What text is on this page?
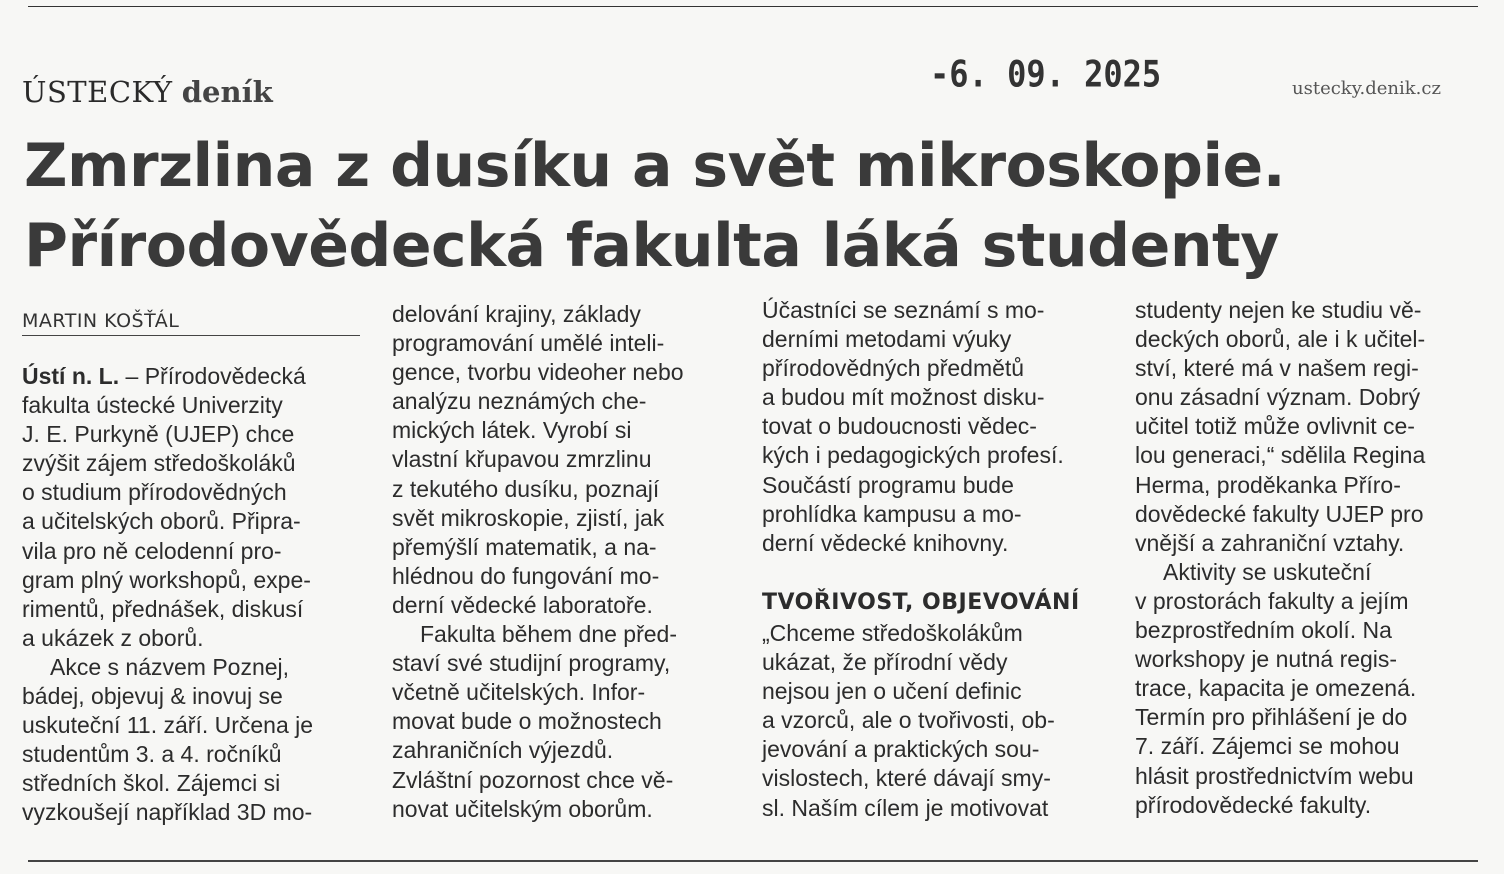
ÚSTECKÝ deník	-6. 09. 2025	ustecky.denik.cz
Zmrzlina z dusíku a svět mikroskopie.
Přírodovědecká fakulta láká studenty
MARTIN KOŠŤÁL
Ústí n. L. – Přírodovědecká
fakulta ústecké Univerzity
J. E. Purkyně (UJEP) chce
zvýšit zájem středoškoláků
o studium přírodovědných
a učitelských oborů. Připra-
vila pro ně celodenní pro-
gram plný workshopů, expe-
rimentů, přednášek, diskusí
a ukázek z oborů.
Akce s názvem Poznej,
bádej, objevuj & inovuj se
uskuteční 11. září. Určena je
studentům 3. a 4. ročníků
středních škol. Zájemci si
vyzkoušejí například 3D mo-
delování krajiny, základy
programování umělé inteli-
gence, tvorbu videoher nebo
analýzu neznámých che-
mických látek. Vyrobí si
vlastní křupavou zmrzlinu
z tekutého dusíku, poznají
svět mikroskopie, zjistí, jak
přemýšlí matematik, a na-
hlédnou do fungování mo-
derní vědecké laboratoře.
Fakulta během dne před-
staví své studijní programy,
včetně učitelských. Infor-
movat bude o možnostech
zahraničních výjezdů.
Zvláštní pozornost chce vě-
novat učitelským oborům.
Účastníci se seznámí s mo-
derními metodami výuky
přírodovědných předmětů
a budou mít možnost disku-
tovat o budoucnosti vědec-
kých i pedagogických profesí.
Součástí programu bude
prohlídka kampusu a mo-
derní vědecké knihovny.
TVOŘIVOST, OBJEVOVÁNÍ
„Chceme středoškolákům
ukázat, že přírodní vědy
nejsou jen o učení definic
a vzorců, ale o tvořivosti, ob-
jevování a praktických sou-
vislostech, které dávají smy-
sl. Naším cílem je motivovat
studenty nejen ke studiu vě-
deckých oborů, ale i k učitel-
ství, které má v našem regi-
onu zásadní význam. Dobrý
učitel totiž může ovlivnit ce-
lou generaci,“ sdělila Regina
Herma, proděkanka Příro-
dovědecké fakulty UJEP pro
vnější a zahraniční vztahy.
Aktivity se uskuteční
v prostorách fakulty a jejím
bezprostředním okolí. Na
workshopy je nutná regis-
trace, kapacita je omezená.
Termín pro přihlášení je do
7. září. Zájemci se mohou
hlásit prostřednictvím webu
přírodovědecké fakulty.
